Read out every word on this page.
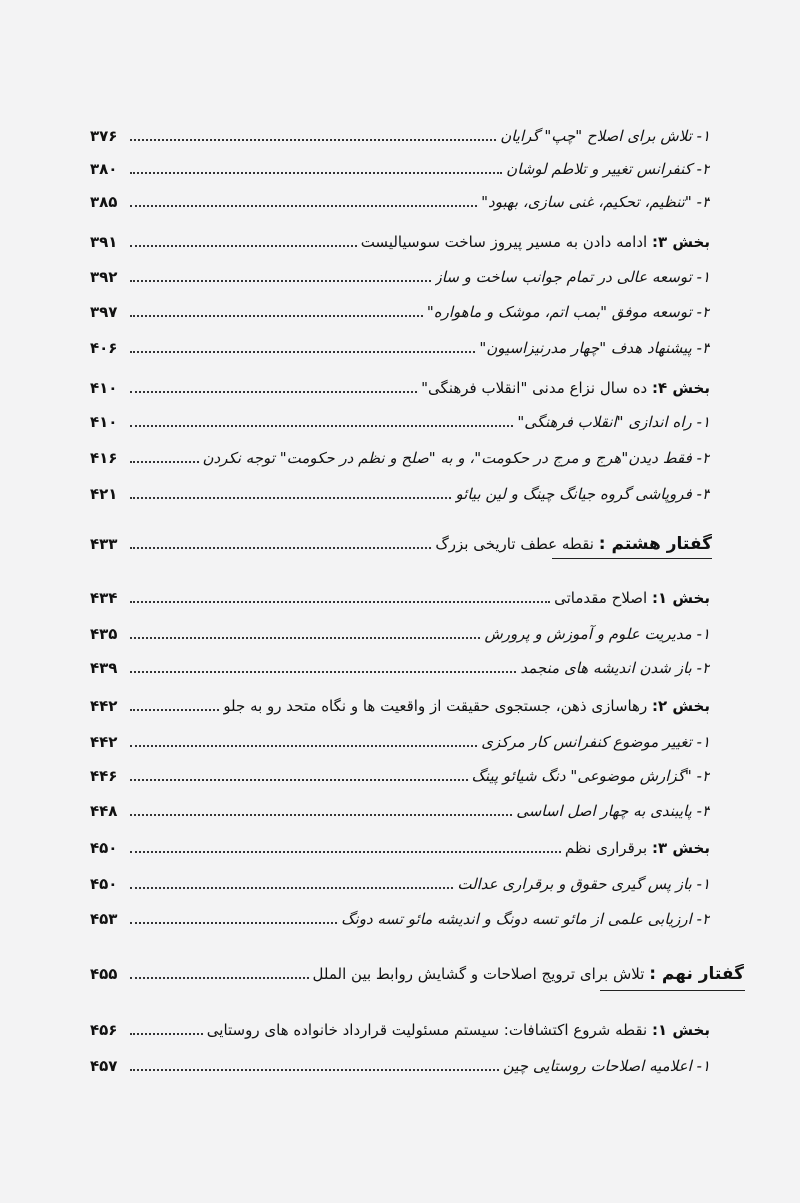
۳۷۶	۱- تلاش برای اصلاح "چپ" گرایان
۳۸۰	۲- کنفرانس تغییر و تلاطم لوشان
۳۸۵	۳- "تنظیم، تحکیم، غنی سازی، بهبود"
۳۹۱	بخش ۳: ادامه دادن به مسیر پیروز ساخت سوسیالیست
۳۹۲	۱- توسعه عالی در تمام جوانب ساخت و ساز
۳۹۷	۲- توسعه موفق "بمب اتم، موشک و ماهواره"
۴۰۶	۳- پیشنهاد هدف "چهار مدرنیزاسیون"
۴۱۰	بخش ۴: ده سال نزاع مدنی "انقلاب فرهنگی"
۴۱۰	۱- راه اندازی "انقلاب فرهنگی"
۴۱۶	۲- فقط دیدن"هرج و مرج در حکومت"، و به "صلح و نظم در حکومت" توجه نکردن
۴۲۱	۳- فروپاشی گروه جیانگ چینگ و لین بیائو
۴۳۳	گفتار هشتم : نقطه عطف تاریخی بزرگ
۴۳۴	بخش ۱: اصلاح مقدماتی
۴۳۵	۱- مدیریت علوم و آموزش و پرورش
۴۳۹	۲- باز شدن اندیشه های منجمد
۴۴۲	بخش ۲: رهاسازی ذهن، جستجوی حقیقت از واقعیت ها و نگاه متحد رو به جلو
۴۴۲	۱- تغییر موضوع کنفرانس کار مرکزی
۴۴۶	۲- "گزارش موضوعی" دنگ شیائو پینگ
۴۴۸	۳- پایبندی به چهار اصل اساسی
۴۵۰	بخش ۳: برقراری نظم
۴۵۰	۱- باز پس گیری حقوق و برقراری عدالت
۴۵۳	۲- ارزیابی علمی از مائو تسه دونگ و اندیشه مائو تسه دونگ
۴۵۵	گفتار نهم : تلاش برای ترویج اصلاحات و گشایش روابط بین الملل
۴۵۶	بخش ۱: نقطه شروع اکتشافات: سیستم مسئولیت قرارداد خانواده های روستایی
۴۵۷	۱- اعلامیه اصلاحات روستایی چین
